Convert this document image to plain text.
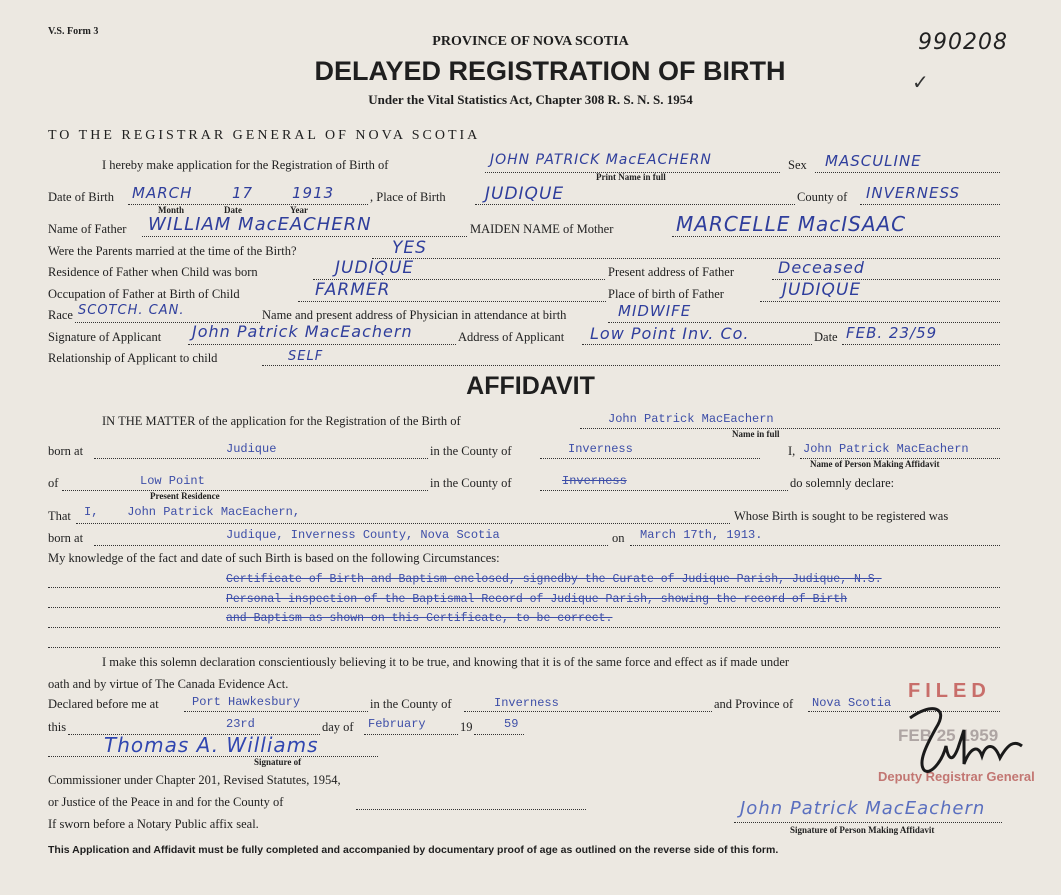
V.S. Form 3
PROVINCE OF NOVA SCOTIA
DELAYED REGISTRATION OF BIRTH
Under the Vital Statistics Act, Chapter 308 R. S. N. S. 1954
990208
✓
TO THE REGISTRAR GENERAL OF NOVA SCOTIA
I hereby make application for the Registration of Birth of	JOHN PATRICK MacEACHERN
Print Name in full
Sex MASCULINE
Date of Birth MARCH	17	1913
Month	Date	Year
, Place of Birth JUDIQUE	County of INVERNESS
Name of Father WILLIAM MacEACHERN	MAIDEN NAME of Mother	MARCELLE MacISAAC
Were the Parents married at the time of the Birth?	YES
Residence of Father when Child was born	JUDIQUE	Present address of Father	Deceased
Occupation of Father at Birth of Child	FARMER	Place of birth of Father	JUDIQUE
Race SCOTCH. CAN.	Name and present address of Physician in attendance at birth	MIDWIFE
Signature of Applicant John Patrick MacEachern	Address of Applicant Low Point Inv. Co.	Date FEB. 23/59
Relationship of Applicant to child	SELF
AFFIDAVIT
IN THE MATTER of the application for the Registration of the Birth of	John Patrick MacEachern
Name in full
born at	Judique	in the County of	Inverness	I, John Patrick MacEachern
Name of Person Making Affidavit
of	Low Point
Present Residence
in the County of	Inverness	do solemnly declare:
That I,    John Patrick MacEachern,	Whose Birth is sought to be registered was
born at	Judique, Inverness County, Nova Scotia	on March 17th, 1913.
My knowledge of the fact and date of such Birth is based on the following Circumstances:
Certificate of Birth and Baptism enclosed, signedby the Curate of Judique Parish, Judique, N.S.
Personal inspection of the Baptismal Record of Judique Parish, showing the record of Birth
and Baptism as shown on this Certificate, to be correct.
I make this solemn declaration conscientiously believing it to be true, and knowing that it is of the same force and effect as if made under
oath and by virtue of The Canada Evidence Act.
Declared before me at	Port Hawkesbury	in the County of	Inverness	and Province of Nova Scotia
this	23rd	day of February	19	59
Thomas A. Williams
Signature of
Commissioner under Chapter 201, Revised Statutes, 1954,
or Justice of the Peace in and for the County of
If sworn before a Notary Public affix seal.
FILED
FEB 25 1959
Deputy Registrar General
John Patrick MacEachern
Signature of Person Making Affidavit
This Application and Affidavit must be fully completed and accompanied by documentary proof of age as outlined on the reverse side of this form.
